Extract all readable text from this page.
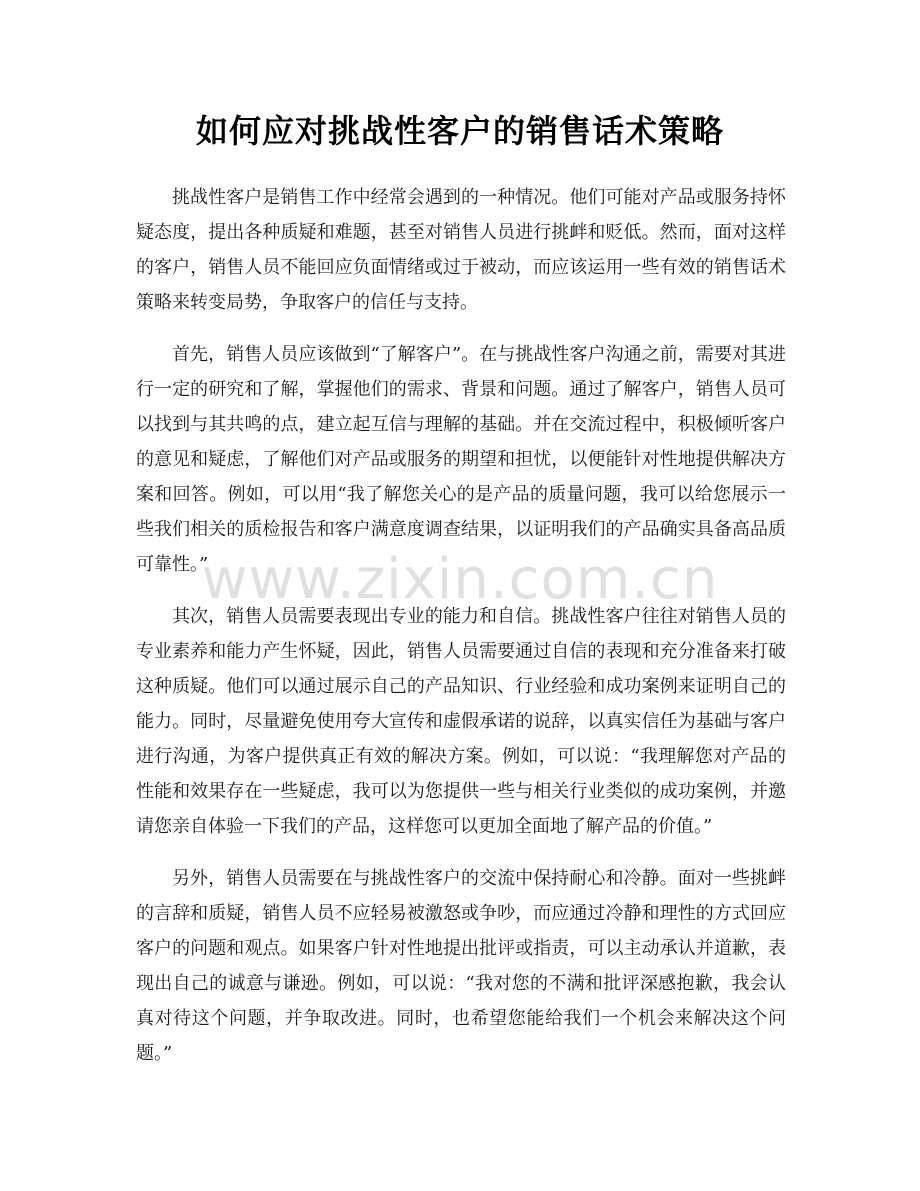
如何应对挑战性客户的销售话术策略

挑战性客户是销售工作中经常会遇到的一种情况。他们可能对产品或服务持怀疑态度，提出各种质疑和难题，甚至对销售人员进行挑衅和贬低。然而，面对这样的客户，销售人员不能回应负面情绪或过于被动，而应该运用一些有效的销售话术策略来转变局势，争取客户的信任与支持。

首先，销售人员应该做到“了解客户”。在与挑战性客户沟通之前，需要对其进行一定的研究和了解，掌握他们的需求、背景和问题。通过了解客户，销售人员可以找到与其共鸣的点，建立起互信与理解的基础。并在交流过程中，积极倾听客户的意见和疑虑，了解他们对产品或服务的期望和担忧，以便能针对性地提供解决方案和回答。例如，可以用“我了解您关心的是产品的质量问题，我可以给您展示一些我们相关的质检报告和客户满意度调查结果，以证明我们的产品确实具备高品质可靠性。”

其次，销售人员需要表现出专业的能力和自信。挑战性客户往往对销售人员的专业素养和能力产生怀疑，因此，销售人员需要通过自信的表现和充分准备来打破这种质疑。他们可以通过展示自己的产品知识、行业经验和成功案例来证明自己的能力。同时，尽量避免使用夸大宣传和虚假承诺的说辞，以真实信任为基础与客户进行沟通，为客户提供真正有效的解决方案。例如，可以说：“我理解您对产品的性能和效果存在一些疑虑，我可以为您提供一些与相关行业类似的成功案例，并邀请您亲自体验一下我们的产品，这样您可以更加全面地了解产品的价值。”

另外，销售人员需要在与挑战性客户的交流中保持耐心和冷静。面对一些挑衅的言辞和质疑，销售人员不应轻易被激怒或争吵，而应通过冷静和理性的方式回应客户的问题和观点。如果客户针对性地提出批评或指责，可以主动承认并道歉，表现出自己的诚意与谦逊。例如，可以说：“我对您的不满和批评深感抱歉，我会认真对待这个问题，并争取改进。同时，也希望您能给我们一个机会来解决这个问题。”

www.zixin.com.cn
